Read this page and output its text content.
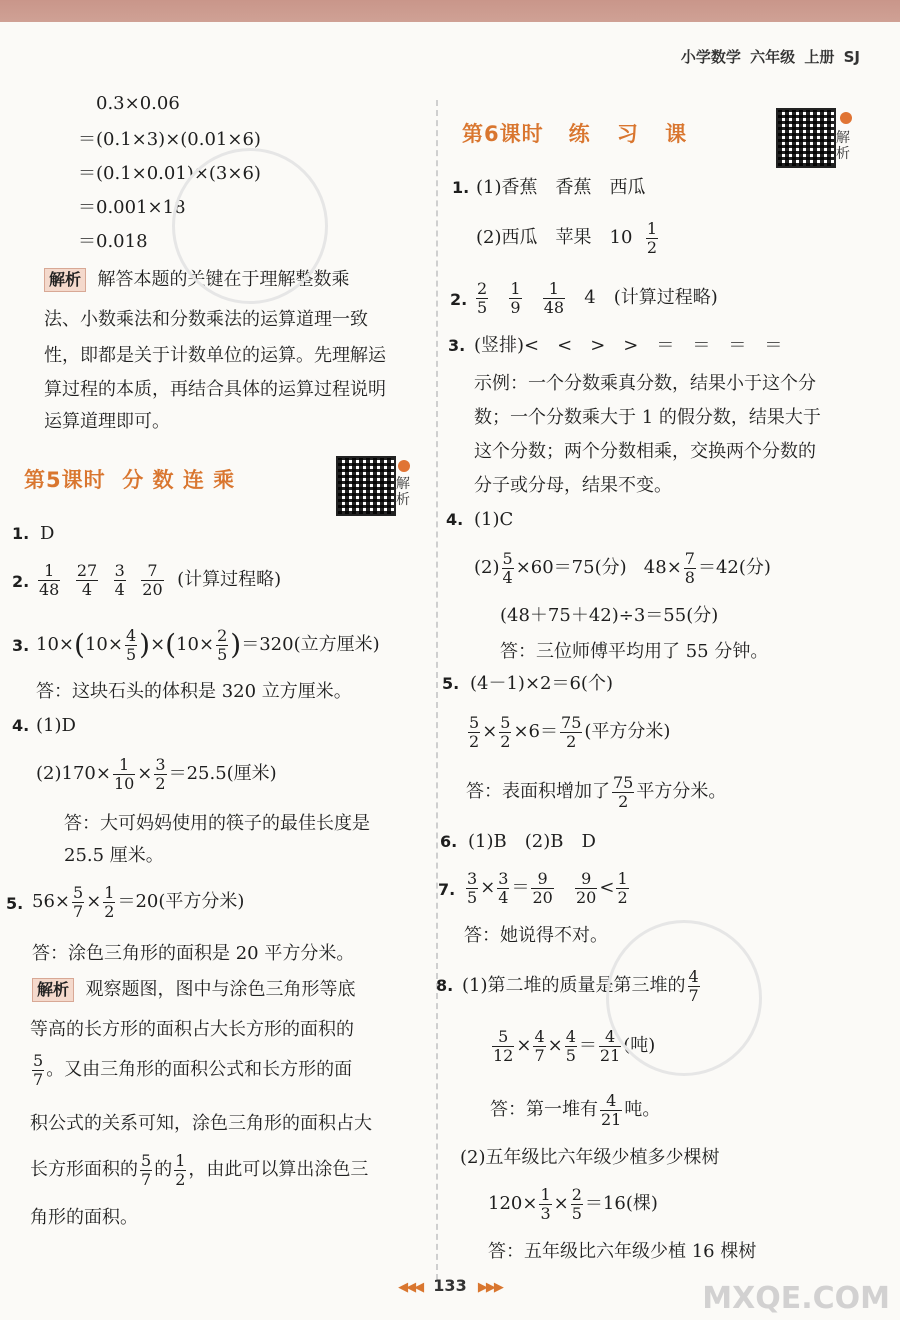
小学数学 六年级 上册 SJ
0.3×0.06
＝(0.1×3)×(0.01×6)
＝(0.1×0.01)×(3×6)
＝0.001×18
＝0.018
解析 解答本题的关键在于理解整数乘
法、小数乘法和分数乘法的运算道理一致
性，即都是关于计数单位的运算。先理解运
算过程的本质，再结合具体的运算过程说明
运算道理即可。
第5课时 分 数 连 乘	解析
1. D
2. $\frac{1}{48}$
$\frac{27}{4}$
$\frac{3}{4}$
$\frac{7}{20}$ (计算过程略)
3. $10\times(10\times \frac{4}{5} )\times(10\times \frac{2}{5} )=320$(立方厘米)
答：这块石头的体积是 320 立方厘米。
4. (1)D
$(2)170\times \frac{1}{10} \times \frac{3}{2} =25.5$(厘米)
答：大可妈妈使用的筷子的最佳长度是
25.5 厘米。
5. $56\times \frac{5}{7} \times \frac{1}{2} =20$(平方分米)
答：涂色三角形的面积是 20 平方分米。
解析 观察题图，图中与涂色三角形等底
等高的长方形的面积占大长方形的面积的
$\frac{5}{7}$ 。又由三角形的面积公式和长方形的面
积公式的关系可知，涂色三角形的面积占大
长方形面积的 $\frac{5}{7}$ 的 $\frac{1}{2}$ ，由此可以算出涂色三
角形的面积。
第6课时 练 习 课	解析
1. (1)香蕉　香蕉　西瓜
(2)西瓜　苹果　$10 \frac{1}{2}$
2. $\frac{2}{5}$
$\frac{1}{9}$
$\frac{1}{48} 4$　(计算过程略)
3. (竖排)<　<　>　>　＝　＝　＝　＝
示例：一个分数乘真分数，结果小于这个分
数；一个分数乘大于 1 的假分数，结果大于
这个分数；两个分数相乘，交换两个分数的
分子或分母，结果不变。
4. (1)C
$(2) \frac{5}{4} \times 60=75$(分)   $48\times \frac{7}{8} =42$(分)
(48＋75＋42)÷3＝55(分)
答：三位师傅平均用了 55 分钟。
5. (4－1)×2＝6(个)
$\frac{5}{2} \times \frac{5}{2} \times 6= \frac{75}{2}$ (平方分米)
答：表面积增加了 $\frac{75}{2}$ 平方分米。
6. (1)B　(2)B　D
7. $\frac{3}{5} \times \frac{3}{4} = \frac{9}{20}$
$\frac{9}{20} < \frac{1}{2}$
答：她说得不对。
8. (1)第二堆的质量是第三堆的 $\frac{4}{7}$
$\frac{5}{12} \times \frac{4}{7} \times \frac{4}{5} = \frac{4}{21}$ (吨)
答：第一堆有 $\frac{4}{21}$ 吨。
(2)五年级比六年级少植多少棵树
$120\times \frac{1}{3} \times \frac{2}{5} =16$(棵)
答：五年级比六年级少植 16 棵树
◀◀◀ 133 ▶▶▶	MXQE.COM
